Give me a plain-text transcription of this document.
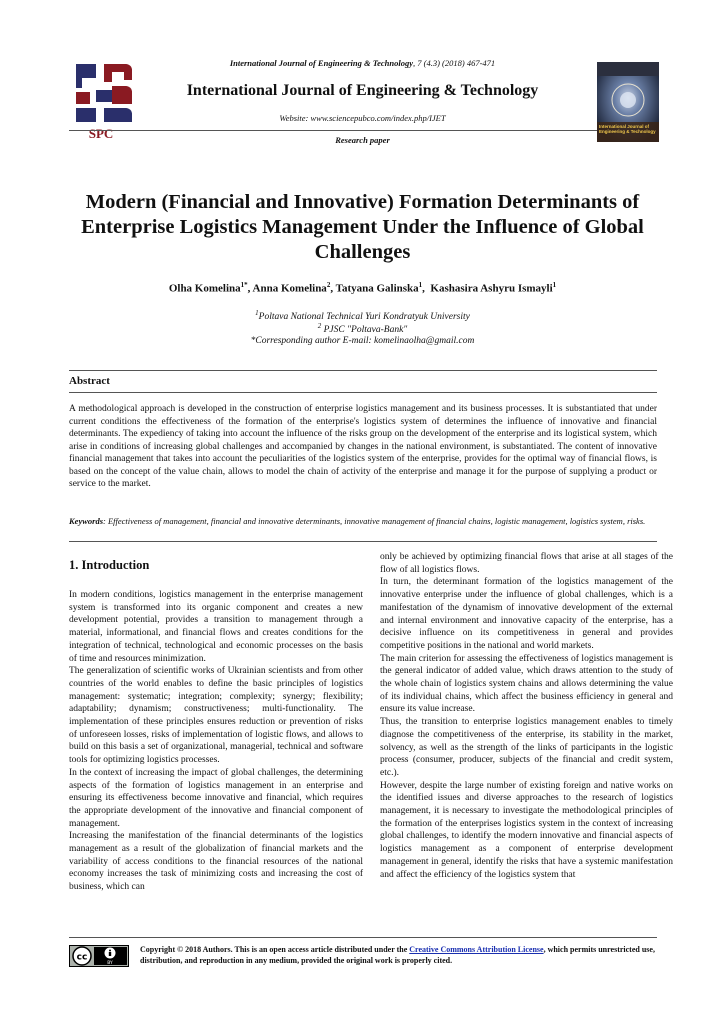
SPC
International Journal of Engineering & Technology, 7 (4.3) (2018) 467-471
International Journal of Engineering & Technology
Website: www.sciencepubco.com/index.php/IJET
Research paper
International Journal of Engineering & Technology
Modern (Financial and Innovative) Formation Determinants of Enterprise Logistics Management Under the Influence of Global Challenges
Olha Komelina$^{1*}$, Anna Komelina$^2$, Tatyana Galinska$^1$,  Kashasira Ashyru Ismayli$^1$
$^1$Poltava National Technical Yuri Kondratyuk University
$^2$ PJSC "Poltava-Bank"
*Corresponding author E-mail: komelinaolha@gmail.com
Abstract
A methodological approach is developed in the construction of enterprise logistics management and its business processes. It is substantiated that under current conditions the effectiveness of the formation of the enterprise's logistics system of determines the influence of innovative and financial determinants. The expediency of taking into account the influence of the risks group on the development of the enterprise and its logistical system, which arise in conditions of increasing global challenges and accompanied by changes in the national environment, is substantiated. The content of innovative financial management that takes into account the peculiarities of the logistics system of the enterprise, provides for the optimal way of financial flows, is based on the concept of the value chain, allows to model the chain of activity of the enterprise and manage it for the purpose of supplying a product or service to the market.
Keywords: Effectiveness of management, financial and innovative determinants, innovative management of financial chains, logistic management, logistics system, risks.
1. Introduction

In modern conditions, logistics management in the enterprise management system is transformed into its organic component and creates a new development potential, provides a transition to management through a material, informational, and financial flows and creates conditions for the integration of technical, technological and economic processes on the basis of time and resources minimization.

The generalization of scientific works of Ukrainian scientists and from other countries of the world enables to define the basic principles of logistics management: systematic; integration; complexity; synergy; flexibility; adaptability; dynamism; constructiveness; multi-functionality. The implementation of these principles ensures reduction or prevention of risks of unforeseen losses, risks of implementation of logistic flows, and allows to build on this basis a set of organizational, managerial, technical and software tools for optimizing logistics processes.

In the context of increasing the impact of global challenges, the determining aspects of the formation of logistics management in an enterprise and ensuring its effectiveness become innovative and financial, which requires the appropriate development of the innovative and financial component of management.

Increasing the manifestation of the financial determinants of the logistics management as a result of the globalization of financial markets and the variability of access conditions to the financial resources of the national economy increases the task of minimizing costs and increasing the cost of business, which can

only be achieved by optimizing financial flows that arise at all stages of the flow of all logistics flows.

In turn, the determinant formation of the logistics management of the innovative enterprise under the influence of global challenges, which is a manifestation of the dynamism of innovative development of the external and internal environment and innovative capacity of the enterprise, has a decisive influence on its competitiveness in general and provides competitive positions in the national and world markets.

The main criterion for assessing the effectiveness of logistics management is the general indicator of added value, which draws attention to the study of the whole chain of logistics system chains and allows determining the value of its individual chains, which affect the business efficiency in general and ensure its value increase.

Thus, the transition to enterprise logistics management enables to timely diagnose the competitiveness of the enterprise, its stability in the market, solvency, as well as the strength of the links of participants in the logistic process (consumer, producer, subjects of the financial and credit system, etc.).

However, despite the large number of existing foreign and native works on the identified issues and diverse approaches to the research of logistics management, it is necessary to investigate the methodological principles of the formation of the enterprises logistics system in the context of increasing global challenges, to identify the modern innovative and financial aspects of logistics management as a component of enterprise development management in general, identify the risks that have a systemic manifestation and affect the efficiency of the logistics system that

cc
BY
Copyright © 2018 Authors. This is an open access article distributed under the Creative Commons Attribution License, which permits unrestricted use, distribution, and reproduction in any medium, provided the original work is properly cited.
